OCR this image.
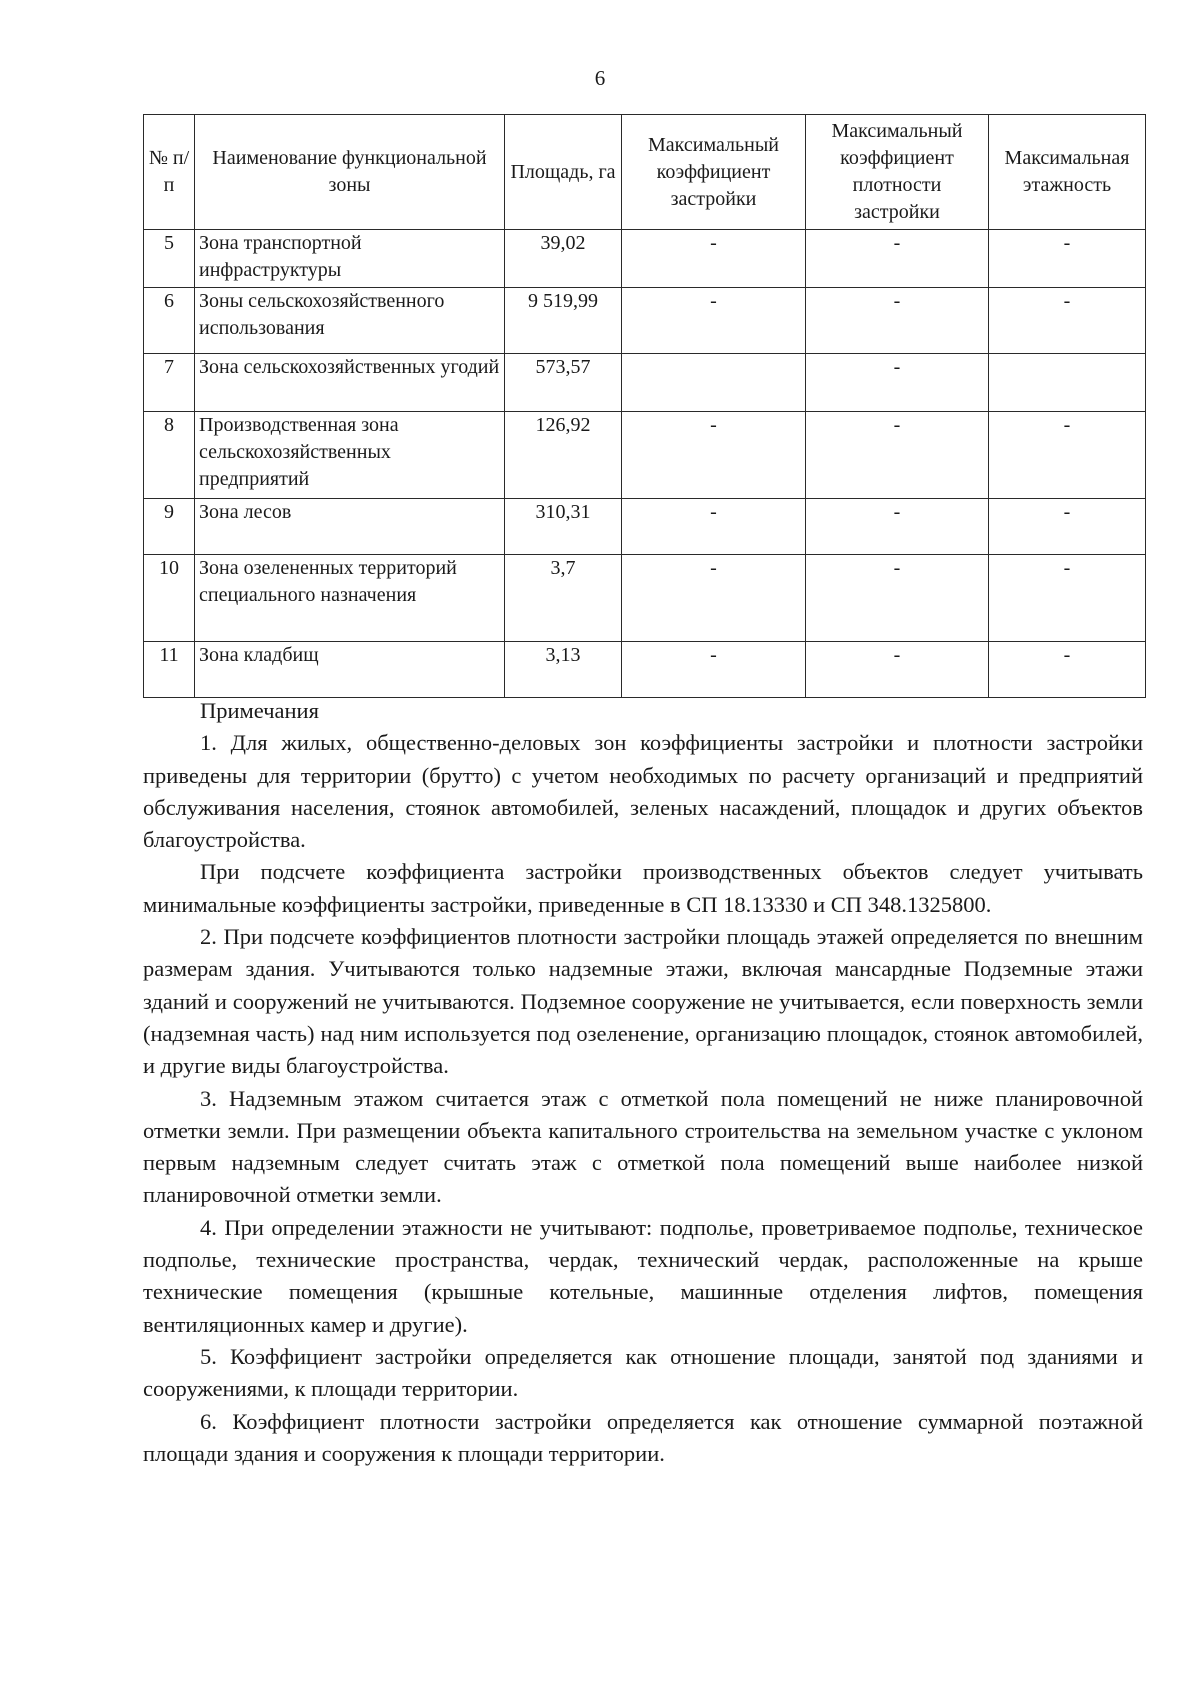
6
№ п/п	Наименование функциональной зоны	Площадь, га	Максимальный коэффициент застройки	Максимальный коэффициент плотности застройки	Максимальная этажность
5	Зона транспортной инфраструктуры	39,02	-	-	-
6	Зоны сельскохозяйственного использования	9 519,99	-	-	-
7	Зона сельскохозяйственных угодий	573,57		-	
8	Производственная зона сельскохозяйственных предприятий	126,92	-	-	-
9	Зона лесов	310,31	-	-	-
10	Зона озелененных территорий специального назначения	3,7	-	-	-
11	Зона кладбищ	3,13	-	-	-

Примечания

1. Для жилых, общественно-деловых зон коэффициенты застройки и плотности застройки приведены для территории (брутто) с учетом необходимых по расчету организаций и предприятий обслуживания населения, стоянок автомобилей, зеленых насаждений, площадок и других объектов благоустройства.

При подсчете коэффициента застройки производственных объектов следует учитывать минимальные коэффициенты застройки, приведенные в СП 18.13330 и СП 348.1325800.

2. При подсчете коэффициентов плотности застройки площадь этажей определяется по внешним размерам здания. Учитываются только надземные этажи, включая мансардные Подземные этажи зданий и сооружений не учитываются. Подземное сооружение не учитывается, если поверхность земли (надземная часть) над ним используется под озеленение, организацию площадок, стоянок автомобилей, и другие виды благоустройства.

3. Надземным этажом считается этаж с отметкой пола помещений не ниже планировочной отметки земли. При размещении объекта капитального строительства на земельном участке с уклоном первым надземным следует считать этаж с отметкой пола помещений выше наиболее низкой планировочной отметки земли.

4. При определении этажности не учитывают: подполье, проветриваемое подполье, техническое подполье, технические пространства, чердак, технический чердак, расположенные на крыше технические помещения (крышные котельные, машинные отделения лифтов, помещения вентиляционных камер и другие).

5. Коэффициент застройки определяется как отношение площади, занятой под зданиями и сооружениями, к площади территории.

6. Коэффициент плотности застройки определяется как отношение суммарной поэтажной площади здания и сооружения к площади территории.
